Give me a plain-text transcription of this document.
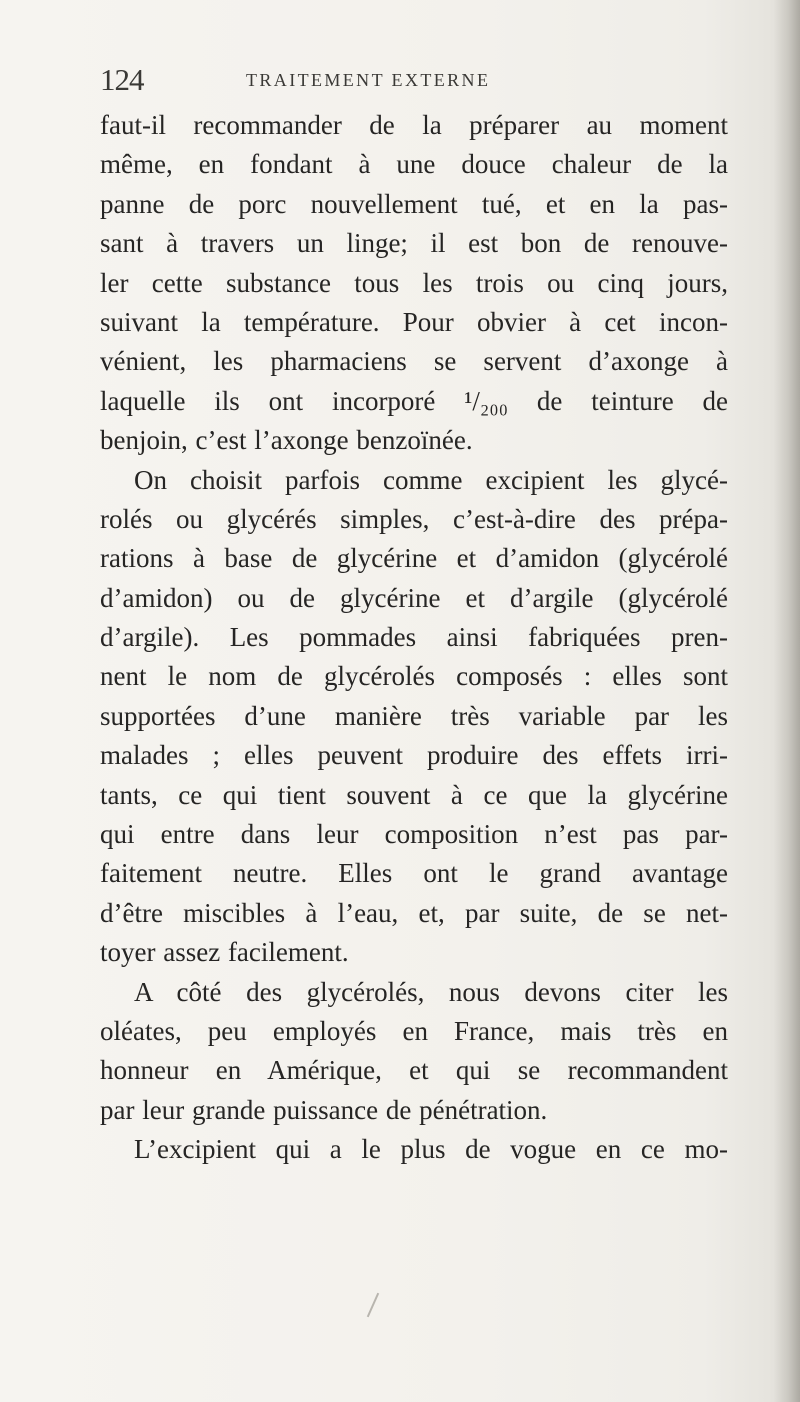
124	TRAITEMENT EXTERNE
faut-il recommander de la préparer au moment
même, en fondant à une douce chaleur de la
panne de porc nouvellement tué, et en la pas-
sant à travers un linge; il est bon de renouve-
ler cette substance tous les trois ou cinq jours,
suivant la température. Pour obvier à cet incon-
vénient, les pharmaciens se servent d’axonge à
laquelle ils ont incorporé ¹/₂₀₀ de teinture de
benjoin, c’est l’axonge benzoïnée.
On choisit parfois comme excipient les glycé-
rolés ou glycérés simples, c’est-à-dire des prépa-
rations à base de glycérine et d’amidon (glycérolé
d’amidon) ou de glycérine et d’argile (glycérolé
d’argile). Les pommades ainsi fabriquées pren-
nent le nom de glycérolés composés : elles sont
supportées d’une manière très variable par les
malades ; elles peuvent produire des effets irri-
tants, ce qui tient souvent à ce que la glycérine
qui entre dans leur composition n’est pas par-
faitement neutre. Elles ont le grand avantage
d’être miscibles à l’eau, et, par suite, de se net-
toyer assez facilement.
A côté des glycérolés, nous devons citer les
oléates, peu employés en France, mais très en
honneur en Amérique, et qui se recommandent
par leur grande puissance de pénétration.
L’excipient qui a le plus de vogue en ce mo-
